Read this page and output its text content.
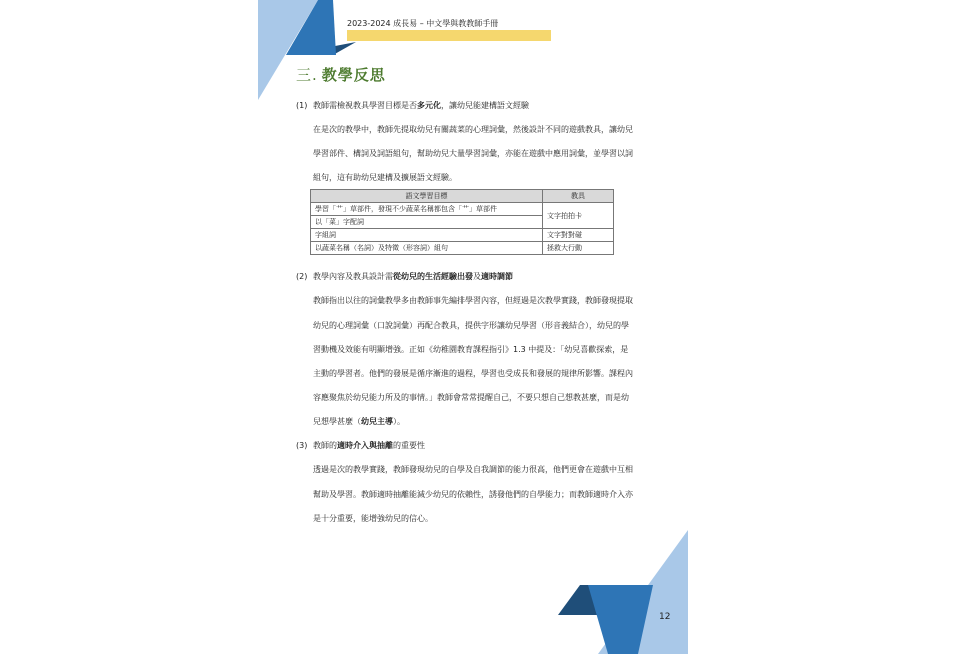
2023-2024 成長易 – 中文學與教教師手冊
三. 教學反思
(1) 教師需檢視教具學習目標是否多元化，讓幼兒能建構語文經驗
在是次的教學中，教師先提取幼兒有關蔬菜的心理詞彙，然後設計不同的遊戲教具，讓幼兒
學習部件、構詞及詞語組句，幫助幼兒大量學習詞彙，亦能在遊戲中應用詞彙，並學習以詞
組句，這有助幼兒建構及擴展語文經驗。
語文學習目標	教具
學習「艹」草部件，發現不少蔬菜名稱都包含「艹」草部件	文字拍拍卡
以「菜」字配詞	
字組詞	文字對對碰
以蔬菜名稱（名詞）及特徵（形容詞）組句	拯救大行動
(2) 教學內容及教具設計需從幼兒的生活經驗出發及適時調節
教師指出以往的詞彙教學多由教師事先編排學習內容，但經過是次教學實踐，教師發現提取
幼兒的心理詞彙（口說詞彙）再配合教具，提供字形讓幼兒學習（形音義結合），幼兒的學
習動機及效能有明顯增強。正如《幼稚園教育課程指引》1.3 中提及：「幼兒喜歡探索，是
主動的學習者。他們的發展是循序漸進的過程，學習也受成長和發展的規律所影響。課程內
容應聚焦於幼兒能力所及的事情。」教師會常常提醒自己，不要只想自己想教甚麼，而是幼
兒想學甚麼（幼兒主導）。
(3) 教師的適時介入與抽離的重要性
透過是次的教學實踐，教師發現幼兒的自學及自我調節的能力很高，他們更會在遊戲中互相
幫助及學習。教師適時抽離能減少幼兒的依賴性，誘發他們的自學能力；而教師適時介入亦
是十分重要，能增強幼兒的信心。
12
